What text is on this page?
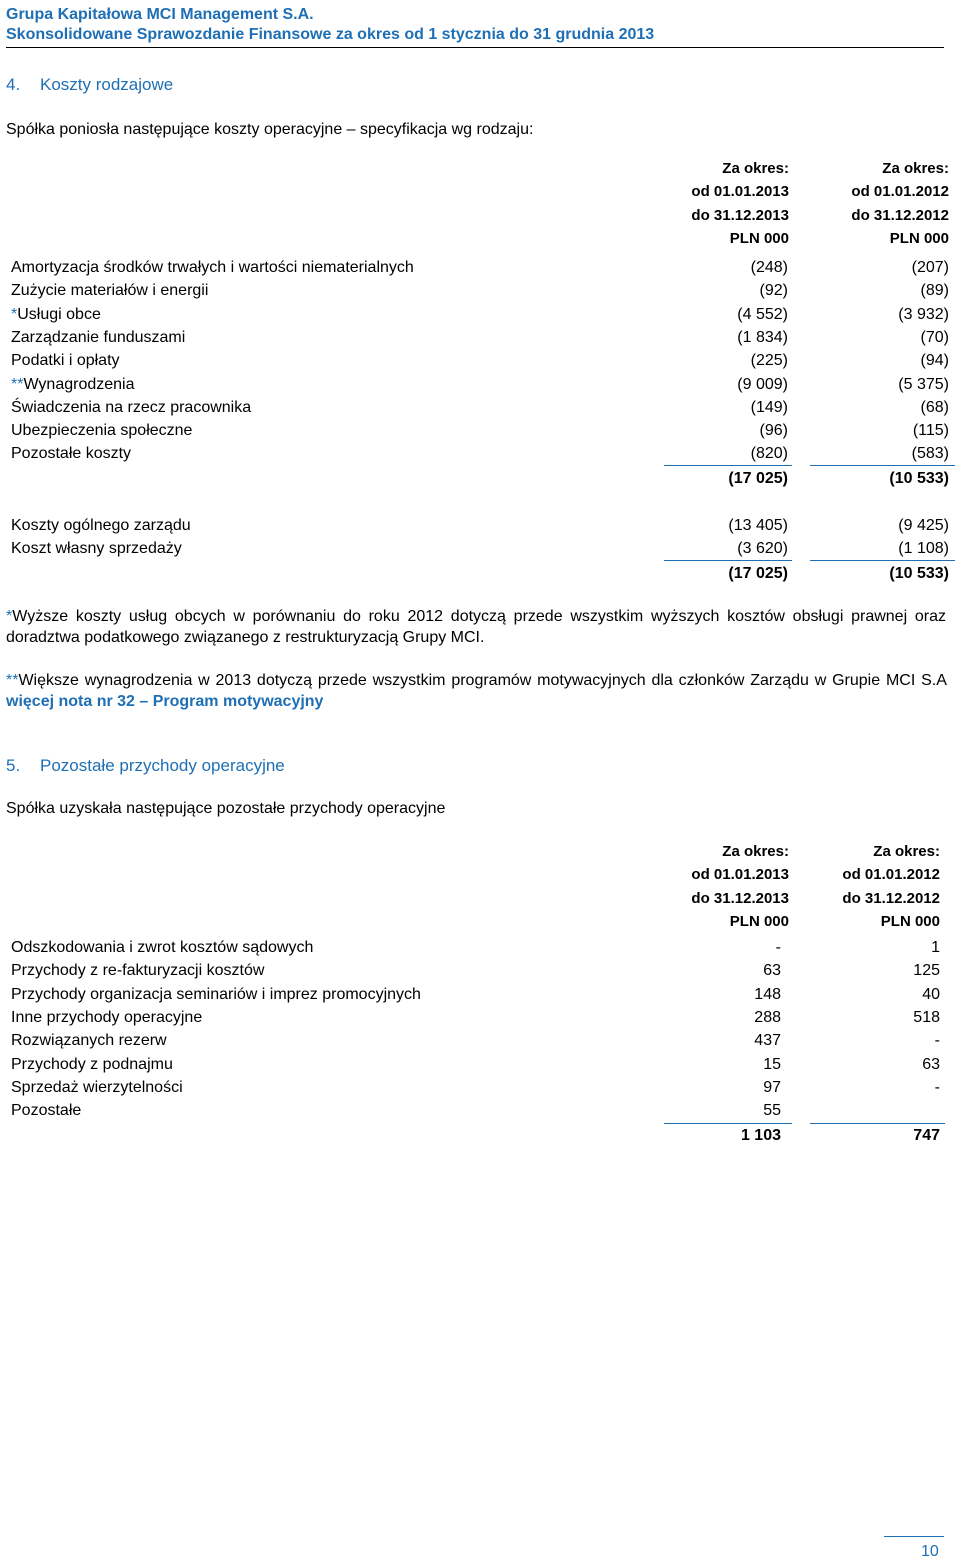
Grupa Kapitałowa MCI Management S.A.
Skonsolidowane Sprawozdanie Finansowe za okres od 1 stycznia do 31 grudnia 2013
4. Koszty rodzajowe
Spółka poniosła następujące koszty operacyjne – specyfikacja wg rodzaju:
Za okres:
od 01.01.2013
do 31.12.2013
PLN 000
Za okres:
od 01.01.2012
do 31.12.2012
PLN 000
Amortyzacja środków trwałych i wartości niematerialnych	(248)	(207)
Zużycie materiałów i energii	(92)	(89)
*Usługi obce	(4 552)	(3 932)
Zarządzanie funduszami	(1 834)	(70)
Podatki i opłaty	(225)	(94)
**Wynagrodzenia	(9 009)	(5 375)
Świadczenia na rzecz pracownika	(149)	(68)
Ubezpieczenia społeczne	(96)	(115)
Pozostałe koszty	(820)	(583)
(17 025)	(10 533)
Koszty ogólnego zarządu	(13 405)	(9 425)
Koszt własny sprzedaży	(3 620)	(1 108)
(17 025)	(10 533)
*Wyższe koszty usług obcych w porównaniu do roku 2012 dotyczą przede wszystkim wyższych kosztów obsługi prawnej oraz doradztwa podatkowego związanego z restrukturyzacją Grupy MCI.
**Większe wynagrodzenia w 2013 dotyczą przede wszystkim programów motywacyjnych dla członków Zarządu w Grupie MCI S.A więcej nota nr 32 – Program motywacyjny
5. Pozostałe przychody operacyjne
Spółka uzyskała następujące pozostałe przychody operacyjne
Za okres:
od 01.01.2013
do 31.12.2013
PLN 000
Za okres:
od 01.01.2012
do 31.12.2012
PLN 000
Odszkodowania i zwrot kosztów sądowych	-	1
Przychody z re-fakturyzacji kosztów	63	125
Przychody organizacja seminariów i imprez promocyjnych	148	40
Inne przychody operacyjne	288	518
Rozwiązanych rezerw	437	-
Przychody z podnajmu	15	63
Sprzedaż wierzytelności	97	-
Pozostałe	55
1 103	747
10
